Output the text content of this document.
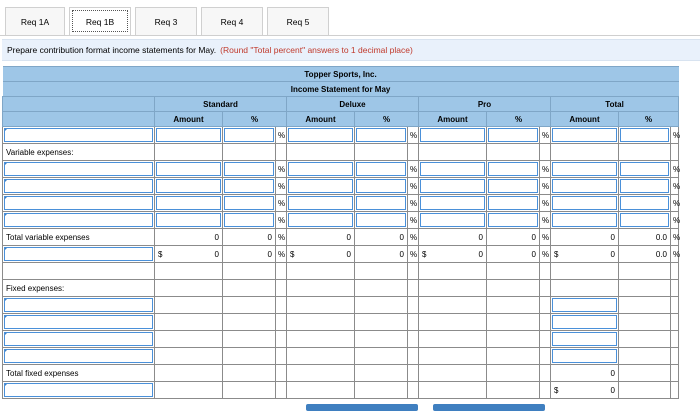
Req 1A	Req 1B	Req 3	Req 4	Req 5
Prepare contribution format income statements for May. (Round "Total percent" answers to 1 decimal place)
Topper Sports, Inc.												
Income Statement for May												
	Standard			Deluxe			Pro			Total		
	Amount	%		Amount	%		Amount	%		Amount	%	

			%			%			%			%
Variable expenses:												

			%			%			%			%

			%			%			%			%

			%			%			%			%

			%			%			%			%
Total variable expenses	0	0	%	0	0	%	0	0	%	0	0.0	%

	$ 0	0	%	$ 0	0	%	$ 0	0	%	$ 0	0.0	%

Fixed expenses:												

Total fixed expenses										0		

										$ 0		
